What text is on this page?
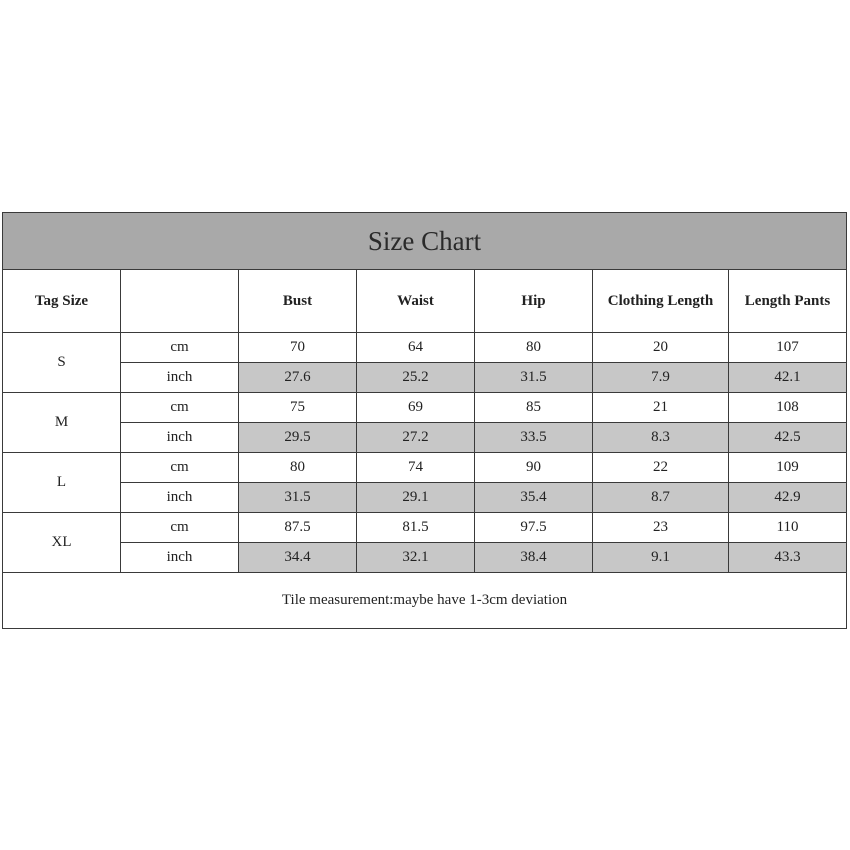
Size Chart						
Tag Size		Bust	Waist	Hip	Clothing Length	Length Pants
S	cm	70	64	80	20	107
	inch	27.6	25.2	31.5	7.9	42.1
M	cm	75	69	85	21	108
	inch	29.5	27.2	33.5	8.3	42.5
L	cm	80	74	90	22	109
	inch	31.5	29.1	35.4	8.7	42.9
XL	cm	87.5	81.5	97.5	23	110
	inch	34.4	32.1	38.4	9.1	43.3
Tile measurement:maybe have 1-3cm deviation						
